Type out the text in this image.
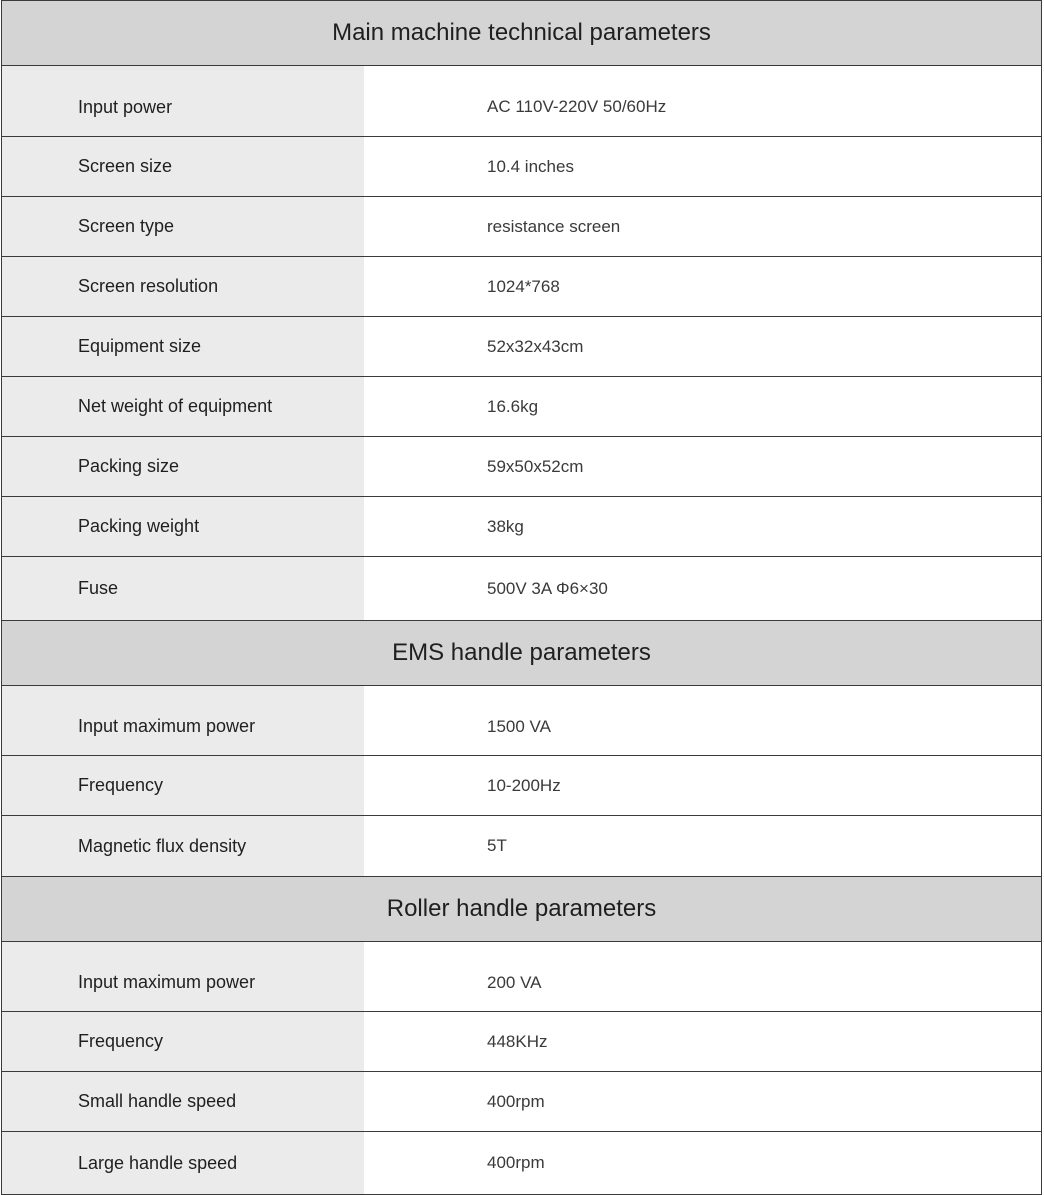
Main machine technical parameters
Input power	AC 110V-220V 50/60Hz
Screen size	10.4 inches
Screen type	resistance screen
Screen resolution	1024*768
Equipment size	52x32x43cm
Net weight of equipment	16.6kg
Packing size	59x50x52cm
Packing weight	38kg
Fuse	500V 3A Φ6×30
EMS handle parameters
Input maximum power	1500 VA
Frequency	10-200Hz
Magnetic flux density	5T
Roller handle parameters
Input maximum power	200 VA
Frequency	448KHz
Small handle speed	400rpm
Large handle speed	400rpm
